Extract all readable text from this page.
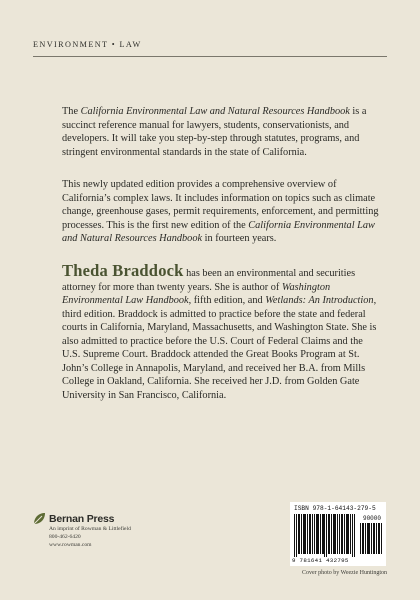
ENVIRONMENT • LAW

The California Environmental Law and Natural Resources Handbook is a succinct reference manual for lawyers, students, conservationists, and developers. It will take you step-by-step through statutes, programs, and stringent environmental standards in the state of California.

This newly updated edition provides a comprehensive overview of California’s complex laws. It includes information on topics such as climate change, greenhouse gases, permit requirements, enforcement, and permitting processes. This is the first new edition of the California Environmental Law and Natural Resources Handbook in fourteen years.

Theda Braddock has been an environmental and securities attorney for more than twenty years. She is author of Washington Environmental Law Handbook, fifth edition, and Wetlands: An Introduction, third edition. Braddock is admitted to practice before the state and federal courts in California, Maryland, Massachusetts, and Washington State. She is also admitted to practice before the U.S. Court of Federal Claims and the U.S. Supreme Court. Braddock attended the Great Books Program at St. John’s College in Annapolis, Maryland, and received her B.A. from Mills College in Oakland, California. She received her J.D. from Golden Gate University in San Francisco, California.

Bernan Press
An imprint of Rowman & Littlefield
800-462-6420
www.rowman.com
ISBN 978-1-64143-279-5
90000
9 781641 432795
Cover photo by Weezie Huntington
